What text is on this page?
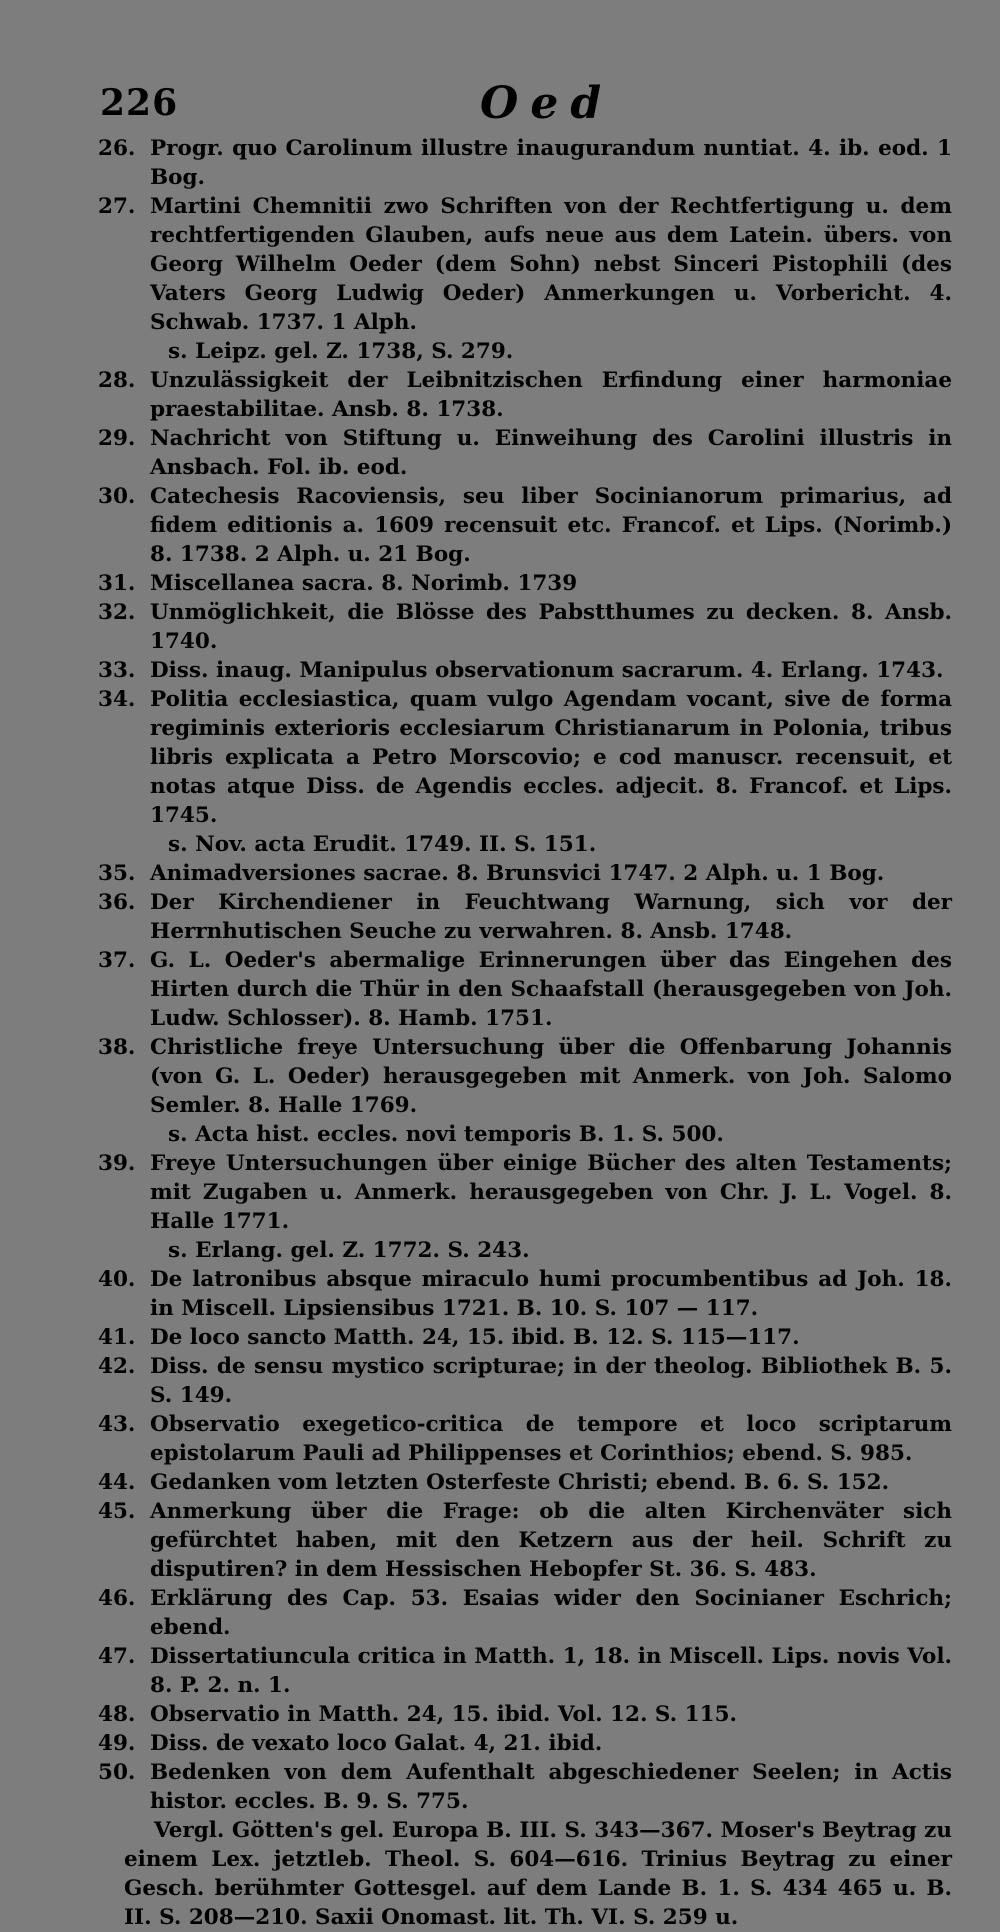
226	Oed
26. Progr. quo Carolinum illustre inaugurandum nuntiat. 4. ib. eod. 1 Bog.
27. Martini Chemnitii zwo Schriften von der Rechtfertigung u. dem rechtfertigenden Glauben, aufs neue aus dem Latein. übers. von Georg Wilhelm Oeder (dem Sohn) nebst Sinceri Pistophili (des Vaters Georg Ludwig Oeder) Anmerkungen u. Vorbericht. 4. Schwab. 1737. 1 Alph.
s. Leipz. gel. Z. 1738, S. 279.
28. Unzulässigkeit der Leibnitzischen Erfindung einer harmoniae praestabilitae. Ansb. 8. 1738.
29. Nachricht von Stiftung u. Einweihung des Carolini illustris in Ansbach. Fol. ib. eod.
30. Catechesis Racoviensis, seu liber Socinianorum primarius, ad fidem editionis a. 1609 recensuit etc. Francof. et Lips. (Norimb.) 8. 1738. 2 Alph. u. 21 Bog.
31. Miscellanea sacra. 8. Norimb. 1739
32. Unmöglichkeit, die Blösse des Pabstthumes zu decken. 8. Ansb. 1740.
33. Diss. inaug. Manipulus observationum sacrarum. 4. Erlang. 1743.
34. Politia ecclesiastica, quam vulgo Agendam vocant, sive de forma regiminis exterioris ecclesiarum Christianarum in Polonia, tribus libris explicata a Petro Morscovio; e cod manuscr. recensuit, et notas atque Diss. de Agendis eccles. adjecit. 8. Francof. et Lips. 1745.
s. Nov. acta Erudit. 1749. II. S. 151.
35. Animadversiones sacrae. 8. Brunsvici 1747. 2 Alph. u. 1 Bog.
36. Der Kirchendiener in Feuchtwang Warnung, sich vor der Herrnhutischen Seuche zu verwahren. 8. Ansb. 1748.
37. G. L. Oeder's abermalige Erinnerungen über das Eingehen des Hirten durch die Thür in den Schaafstall (herausgegeben von Joh. Ludw. Schlosser). 8. Hamb. 1751.
38. Christliche freye Untersuchung über die Offenbarung Johannis (von G. L. Oeder) herausgegeben mit Anmerk. von Joh. Salomo Semler. 8. Halle 1769.
s. Acta hist. eccles. novi temporis B. 1. S. 500.
39. Freye Untersuchungen über einige Bücher des alten Testaments; mit Zugaben u. Anmerk. herausgegeben von Chr. J. L. Vogel. 8. Halle 1771.
s. Erlang. gel. Z. 1772. S. 243.
40. De latronibus absque miraculo humi procumbentibus ad Joh. 18. in Miscell. Lipsiensibus 1721. B. 10. S. 107 — 117.
41. De loco sancto Matth. 24, 15. ibid. B. 12. S. 115—117.
42. Diss. de sensu mystico scripturae; in der theolog. Bibliothek B. 5. S. 149.
43. Observatio exegetico-critica de tempore et loco scriptarum epistolarum Pauli ad Philippenses et Corinthios; ebend. S. 985.
44. Gedanken vom letzten Osterfeste Christi; ebend. B. 6. S. 152.
45. Anmerkung über die Frage: ob die alten Kirchenväter sich gefürchtet haben, mit den Ketzern aus der heil. Schrift zu disputiren? in dem Hessischen Hebopfer St. 36. S. 483.
46. Erklärung des Cap. 53. Esaias wider den Socinianer Eschrich; ebend.
47. Dissertatiuncula critica in Matth. 1, 18. in Miscell. Lips. novis Vol. 8. P. 2. n. 1.
48. Observatio in Matth. 24, 15. ibid. Vol. 12. S. 115.
49. Diss. de vexato loco Galat. 4, 21. ibid.
50. Bedenken von dem Aufenthalt abgeschiedener Seelen; in Actis histor. eccles. B. 9. S. 775.
Vergl. Götten's gel. Europa B. III. S. 343—367. Moser's Beytrag zu einem Lex. jetztleb. Theol. S. 604—616. Trinius Beytrag zu einer Gesch. berühmter Gottesgel. auf dem Lande B. 1. S. 434 465 u. B. II. S. 208—210. Saxii Onomast. lit. Th. VI. S. 259 u.
